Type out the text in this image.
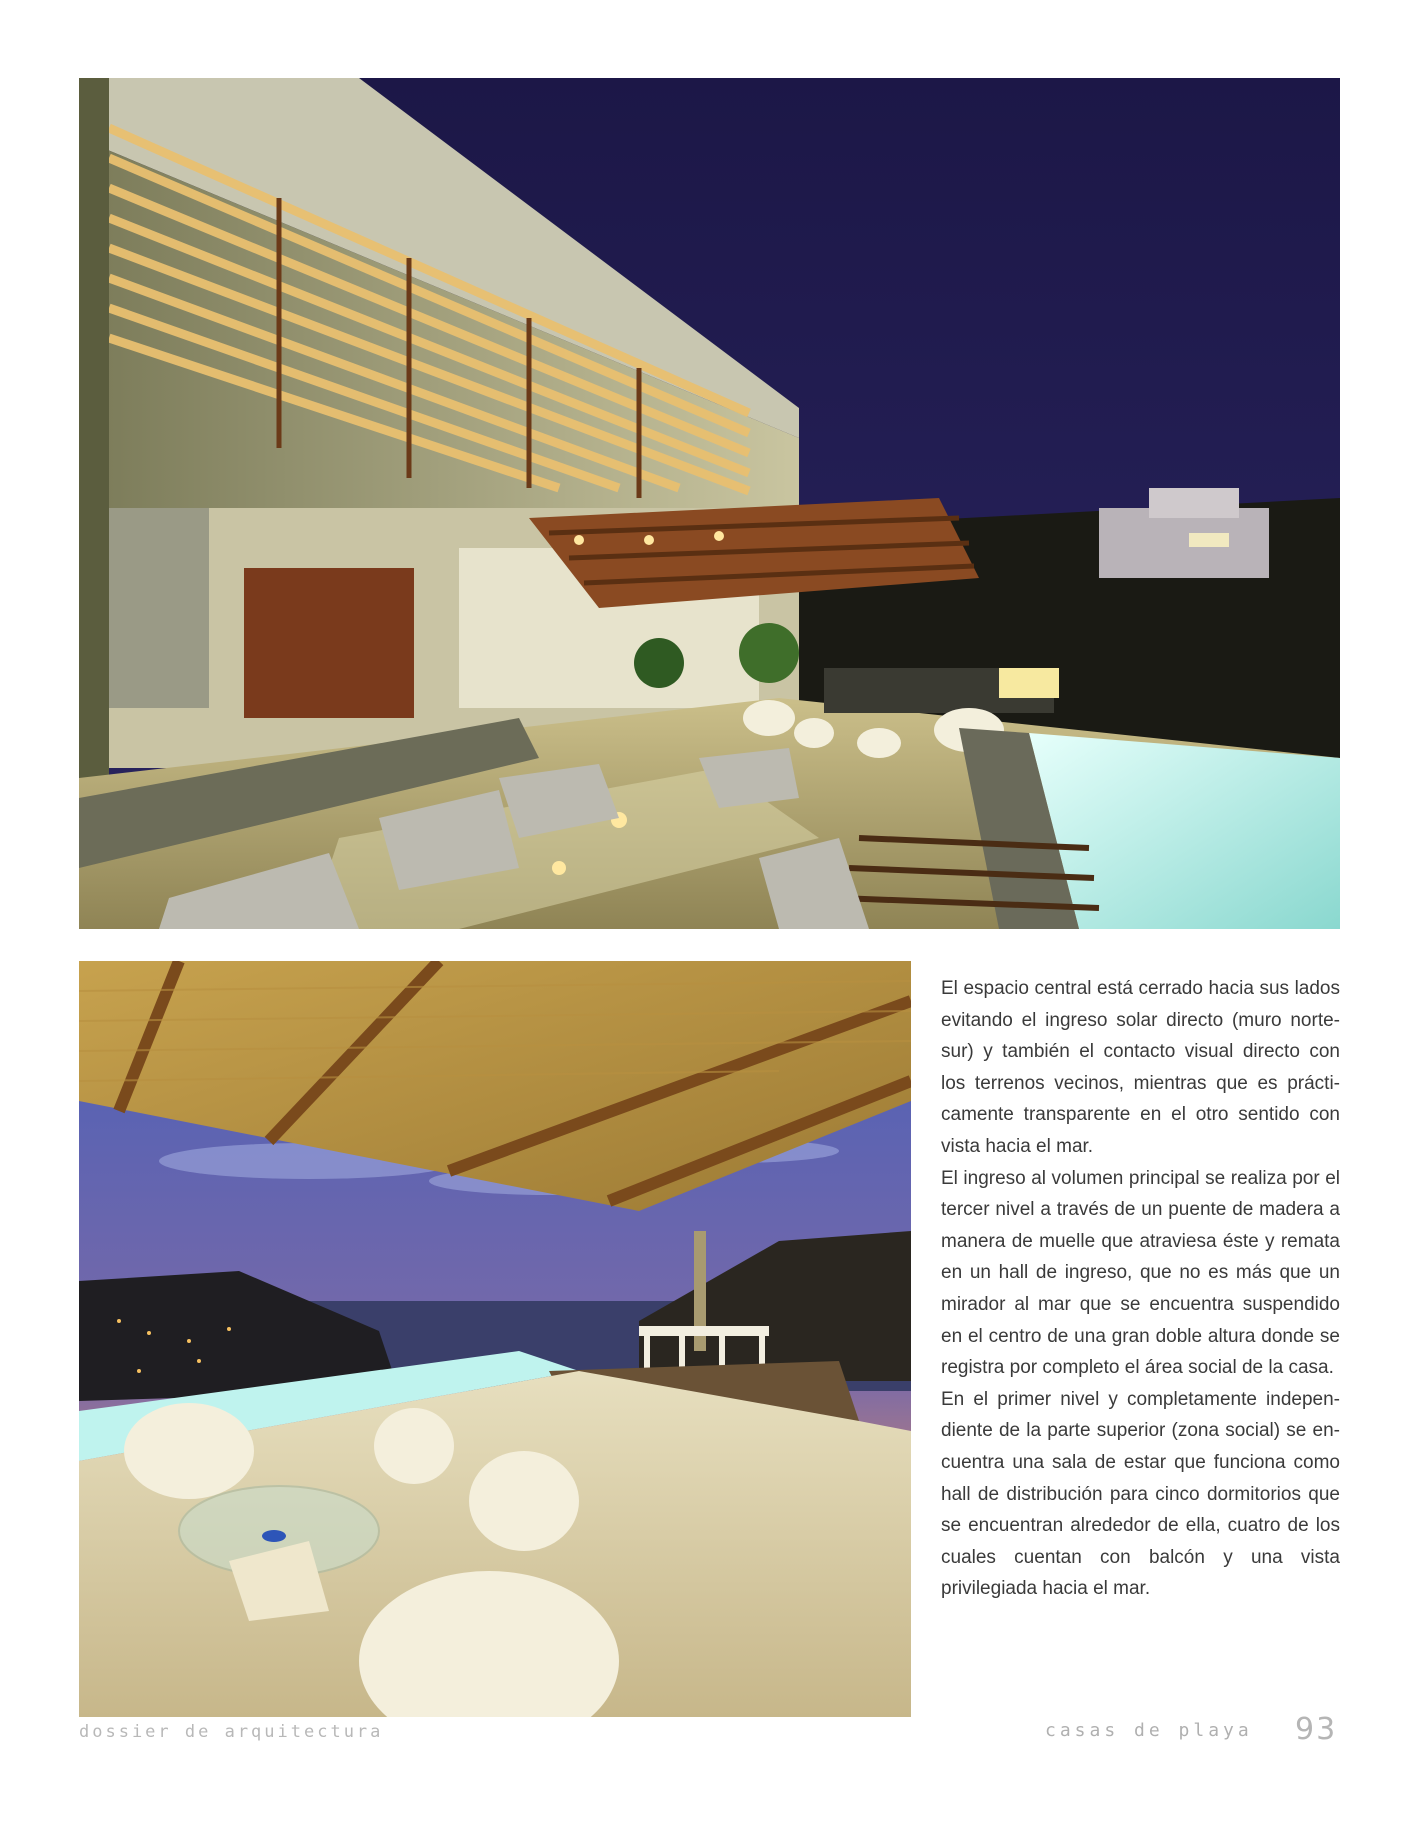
El espacio central está cerrado hacia sus lados evitando el ingreso solar directo (muro norte-sur) y también el contacto visual directo con los terrenos vecinos, mientras que es prácticamente transparente en el otro sentido con vista hacia el mar.

El ingreso al volumen principal se realiza por el tercer nivel a través de un puente de madera a manera de muelle que atraviesa éste y remata en un hall de ingreso, que no es más que un mirador al mar que se encuentra suspendido en el centro de una gran doble altura donde se registra por completo el área social de la casa.

En el primer nivel y completamente independiente de la parte superior (zona social) se encuentra una sala de estar que funciona como hall de distribución para cinco dormitorios que se encuentran alrededor de ella, cuatro de los cuales cuentan con balcón y una vista privilegiada hacia el mar.

dossier de arquitectura	casas de playa 93
